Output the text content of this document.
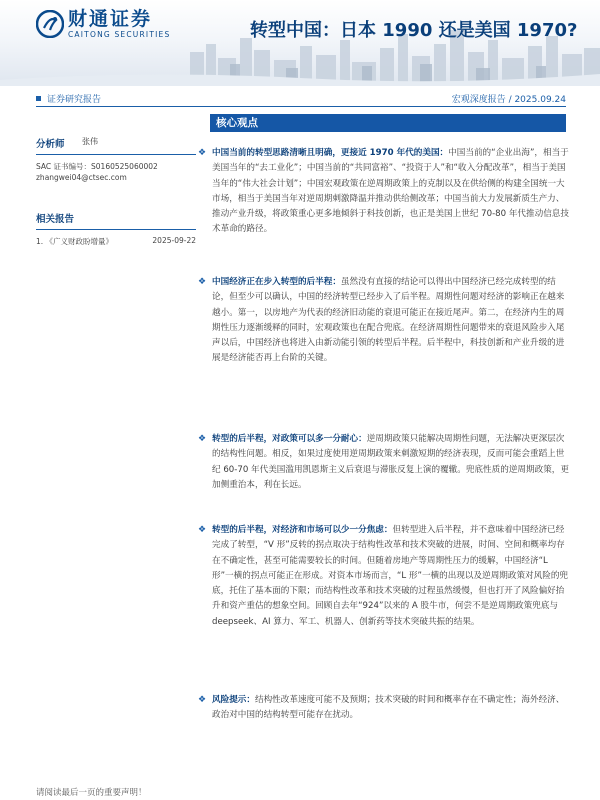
财通证券
CAITONG SECURITIES	转型中国：日本 1990 还是美国 1970?
证券研究报告	宏观深度报告 / 2025.09.24
分析师	张伟
SAC 证书编号：S0160525060002
zhangwei04@ctsec.com
相关报告
1. 《广义财政盼增量》	2025-09-22
核心观点
❖ 中国当前的转型思路清晰且明确，更接近 1970 年代的美国：中国当前的“企业出海”，相当于美国当年的“去工业化”；中国当前的“共同富裕”、“投资于人”和“收入分配改革”，相当于美国当年的“伟大社会计划”；中国宏观政策在逆周期政策上的克制以及在供给侧的构建全国统一大市场，相当于美国当年对逆周期刺激降温并推动供给侧改革；中国当前大力发展新质生产力、推动产业升级，将政策重心更多地倾斜于科技创新，也正是美国上世纪 70-80 年代推动信息技术革命的路径。
❖ 中国经济正在步入转型的后半程：虽然没有直接的结论可以得出中国经济已经完成转型的结论，但至少可以确认，中国的经济转型已经步入了后半程。周期性问题对经济的影响正在越来越小。第一，以房地产为代表的经济旧动能的衰退可能正在接近尾声。第二，在经济内生的周期性压力逐渐缓释的同时，宏观政策也在配合兜底。在经济周期性问题带来的衰退风险步入尾声以后，中国经济也将进入由新动能引领的转型后半程。后半程中，科技创新和产业升级的进展是经济能否再上台阶的关键。
❖ 转型的后半程，对政策可以多一分耐心：逆周期政策只能解决周期性问题，无法解决更深层次的结构性问题。相反，如果过度使用逆周期政策来刺激短期的经济表现，反而可能会重蹈上世纪 60-70 年代美国滥用凯恩斯主义后衰退与滞胀反复上演的覆辙。兜底性质的逆周期政策，更加侧重治本，利在长远。
❖ 转型的后半程，对经济和市场可以少一分焦虑：但转型进入后半程，并不意味着中国经济已经完成了转型，“V 形”反转的拐点取决于结构性改革和技术突破的进展，时间、空间和概率均存在不确定性，甚至可能需要较长的时间。但随着房地产等周期性压力的缓解，中国经济“L 形”一横的拐点可能正在形成。对资本市场而言，“L 形”一横的出现以及逆周期政策对风险的兜底，托住了基本面的下限；而结构性改革和技术突破的过程虽然缓慢，但也打开了风险偏好抬升和资产重估的想象空间。回顾自去年“924”以来的 A 股牛市，何尝不是逆周期政策兜底与 deepseek、AI 算力、军工、机器人、创新药等技术突破共振的结果。
❖ 风险提示：结构性改革速度可能不及预期；技术突破的时间和概率存在不确定性；海外经济、政治对中国的结构转型可能存在扰动。
请阅读最后一页的重要声明！
